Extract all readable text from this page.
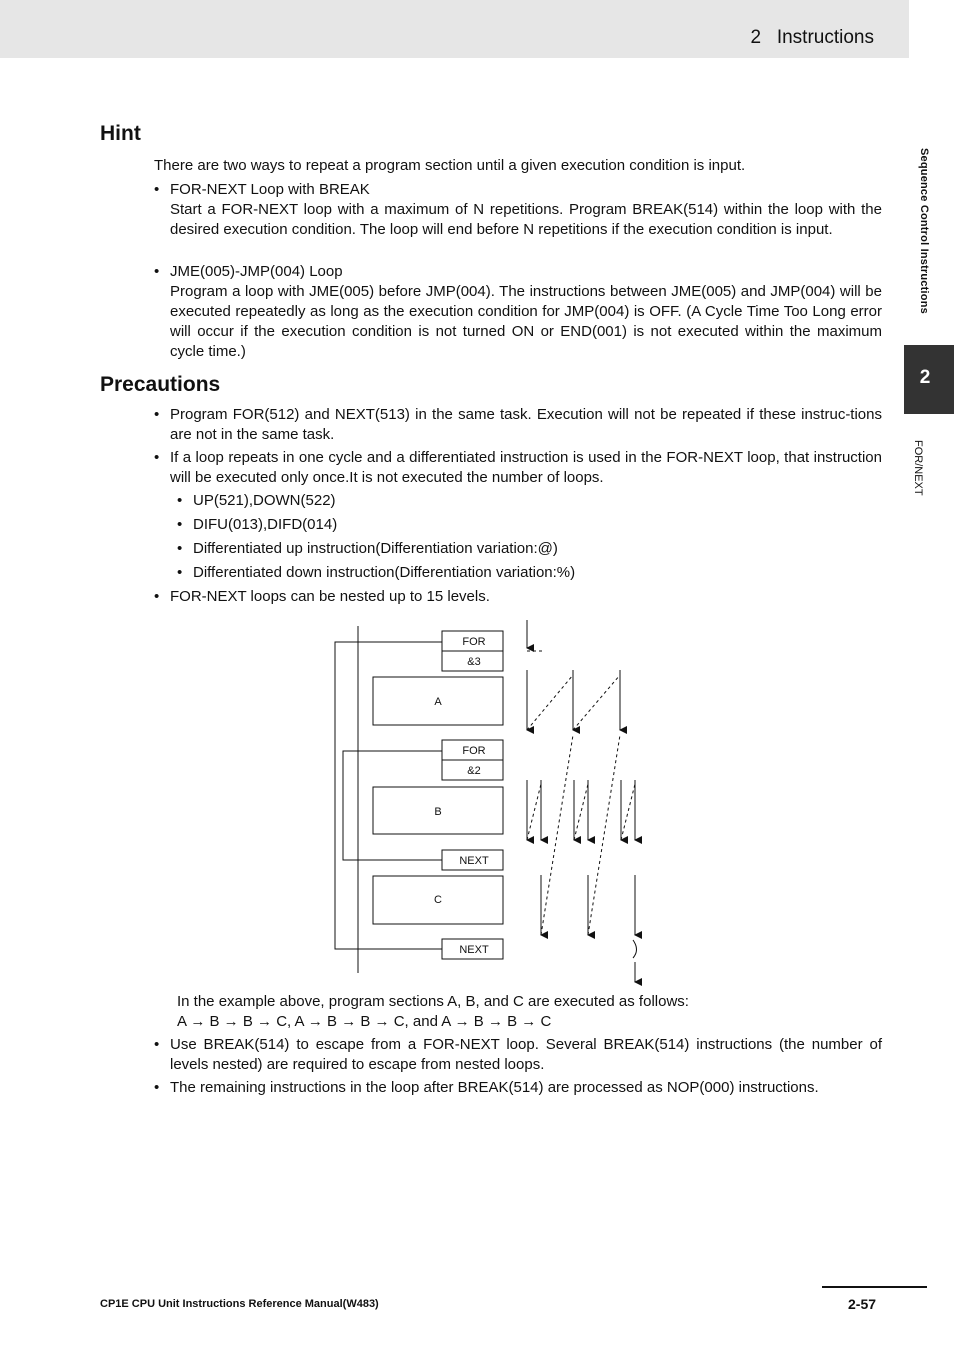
2   Instructions
Sequence Control Instructions
2
FOR/NEXT
Hint
There are two ways to repeat a program section until a given execution condition is input.
• FOR-NEXT Loop with BREAK
Start a FOR-NEXT loop with a maximum of N repetitions. Program BREAK(514) within the loop with the desired execution condition. The loop will end before N repetitions if the execution condition is input.
• JME(005)-JMP(004) Loop
Program a loop with JME(005) before JMP(004). The instructions between JME(005) and JMP(004) will be executed repeatedly as long as the execution condition for JMP(004) is OFF. (A Cycle Time Too Long error will occur if the execution condition is not turned ON or END(001) is not executed within the maximum cycle time.)
Precautions
• Program FOR(512) and NEXT(513) in the same task. Execution will not be repeated if these instruc-tions are not in the same task.
• If a loop repeats in one cycle and a differentiated instruction is used in the FOR-NEXT loop, that instruction will be executed only once.It is not executed the number of loops.
• UP(521),DOWN(522)
• DIFU(013),DIFD(014)
• Differentiated up instruction(Differentiation variation:@)
• Differentiated down instruction(Differentiation variation:%)
• FOR-NEXT loops can be nested up to 15 levels.
FOR
&3
A
FOR
&2
B
NEXT
C
NEXT
In the example above, program sections A, B, and C are executed as follows:
A → B → B → C, A → B → B → C, and A → B → B → C
• Use BREAK(514) to escape from a FOR-NEXT loop. Several BREAK(514) instructions (the number of levels nested) are required to escape from nested loops.
• The remaining instructions in the loop after BREAK(514) are processed as NOP(000) instructions.
CP1E CPU Unit Instructions Reference Manual(W483)	2-57
